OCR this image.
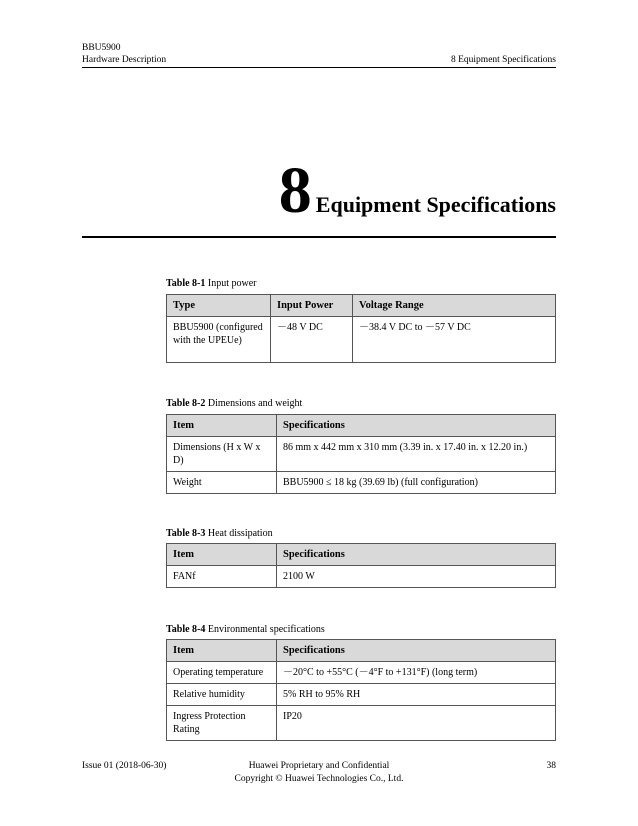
BBU5900
Hardware Description	8 Equipment Specifications
8 Equipment Specifications
Table 8-1 Input power
Type	Input Power	Voltage Range
BBU5900 (configured with the UPEUe)	－48 V DC	－38.4 V DC to －57 V DC
Table 8-2 Dimensions and weight
Item	Specifications
Dimensions (H x W x D)	86 mm x 442 mm x 310 mm (3.39 in. x 17.40 in. x 12.20 in.)
Weight	BBU5900 ≤ 18 kg (39.69 lb) (full configuration)
Table 8-3 Heat dissipation
Item	Specifications
FANf	2100 W
Table 8-4 Environmental specifications
Item	Specifications
Operating temperature	－20°C to +55°C (－4°F to +131°F) (long term)
Relative humidity	5% RH to 95% RH
Ingress Protection Rating	IP20
Issue 01 (2018-06-30)	Huawei Proprietary and Confidential
Copyright © Huawei Technologies Co., Ltd.
38
